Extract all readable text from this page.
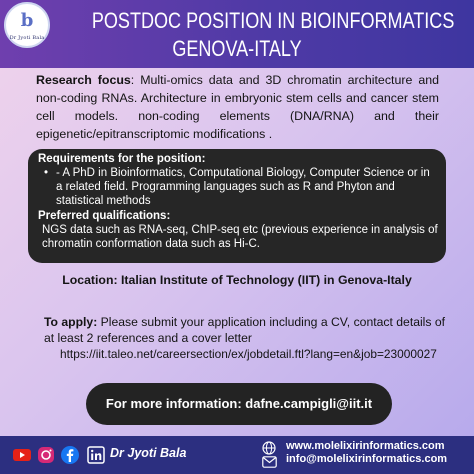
b
Dr Jyoti Bala
POSTDOC POSITION IN BIOINFORMATICS
GENOVA-ITALY
Research focus: Multi-omics data and 3D chromatin architecture and non-coding RNAs. Architecture in embryonic stem cells and cancer stem cell models. non-coding elements (DNA/RNA) and their epigenetic/epitranscriptomic modifications .
Requirements for the position:
• - A PhD in Bioinformatics, Computational Biology, Computer Science or in a related field. Programming languages such as R and Phyton and statistical methods
Preferred qualifications:
NGS data such as RNA-seq, ChIP-seq etc (previous experience in analysis of chromatin conformation data such as Hi-C.
Location: Italian Institute of Technology (IIT) in Genova-Italy
To apply: Please submit your application including a CV, contact details of at least 2 references and a cover letter
https://iit.taleo.net/careersection/ex/jobdetail.ftl?lang=en&job=23000027
For more information: dafne.campigli@iit.it
Dr Jyoti Bala	www.molelixirinformatics.com
info@molelixirinformatics.com
